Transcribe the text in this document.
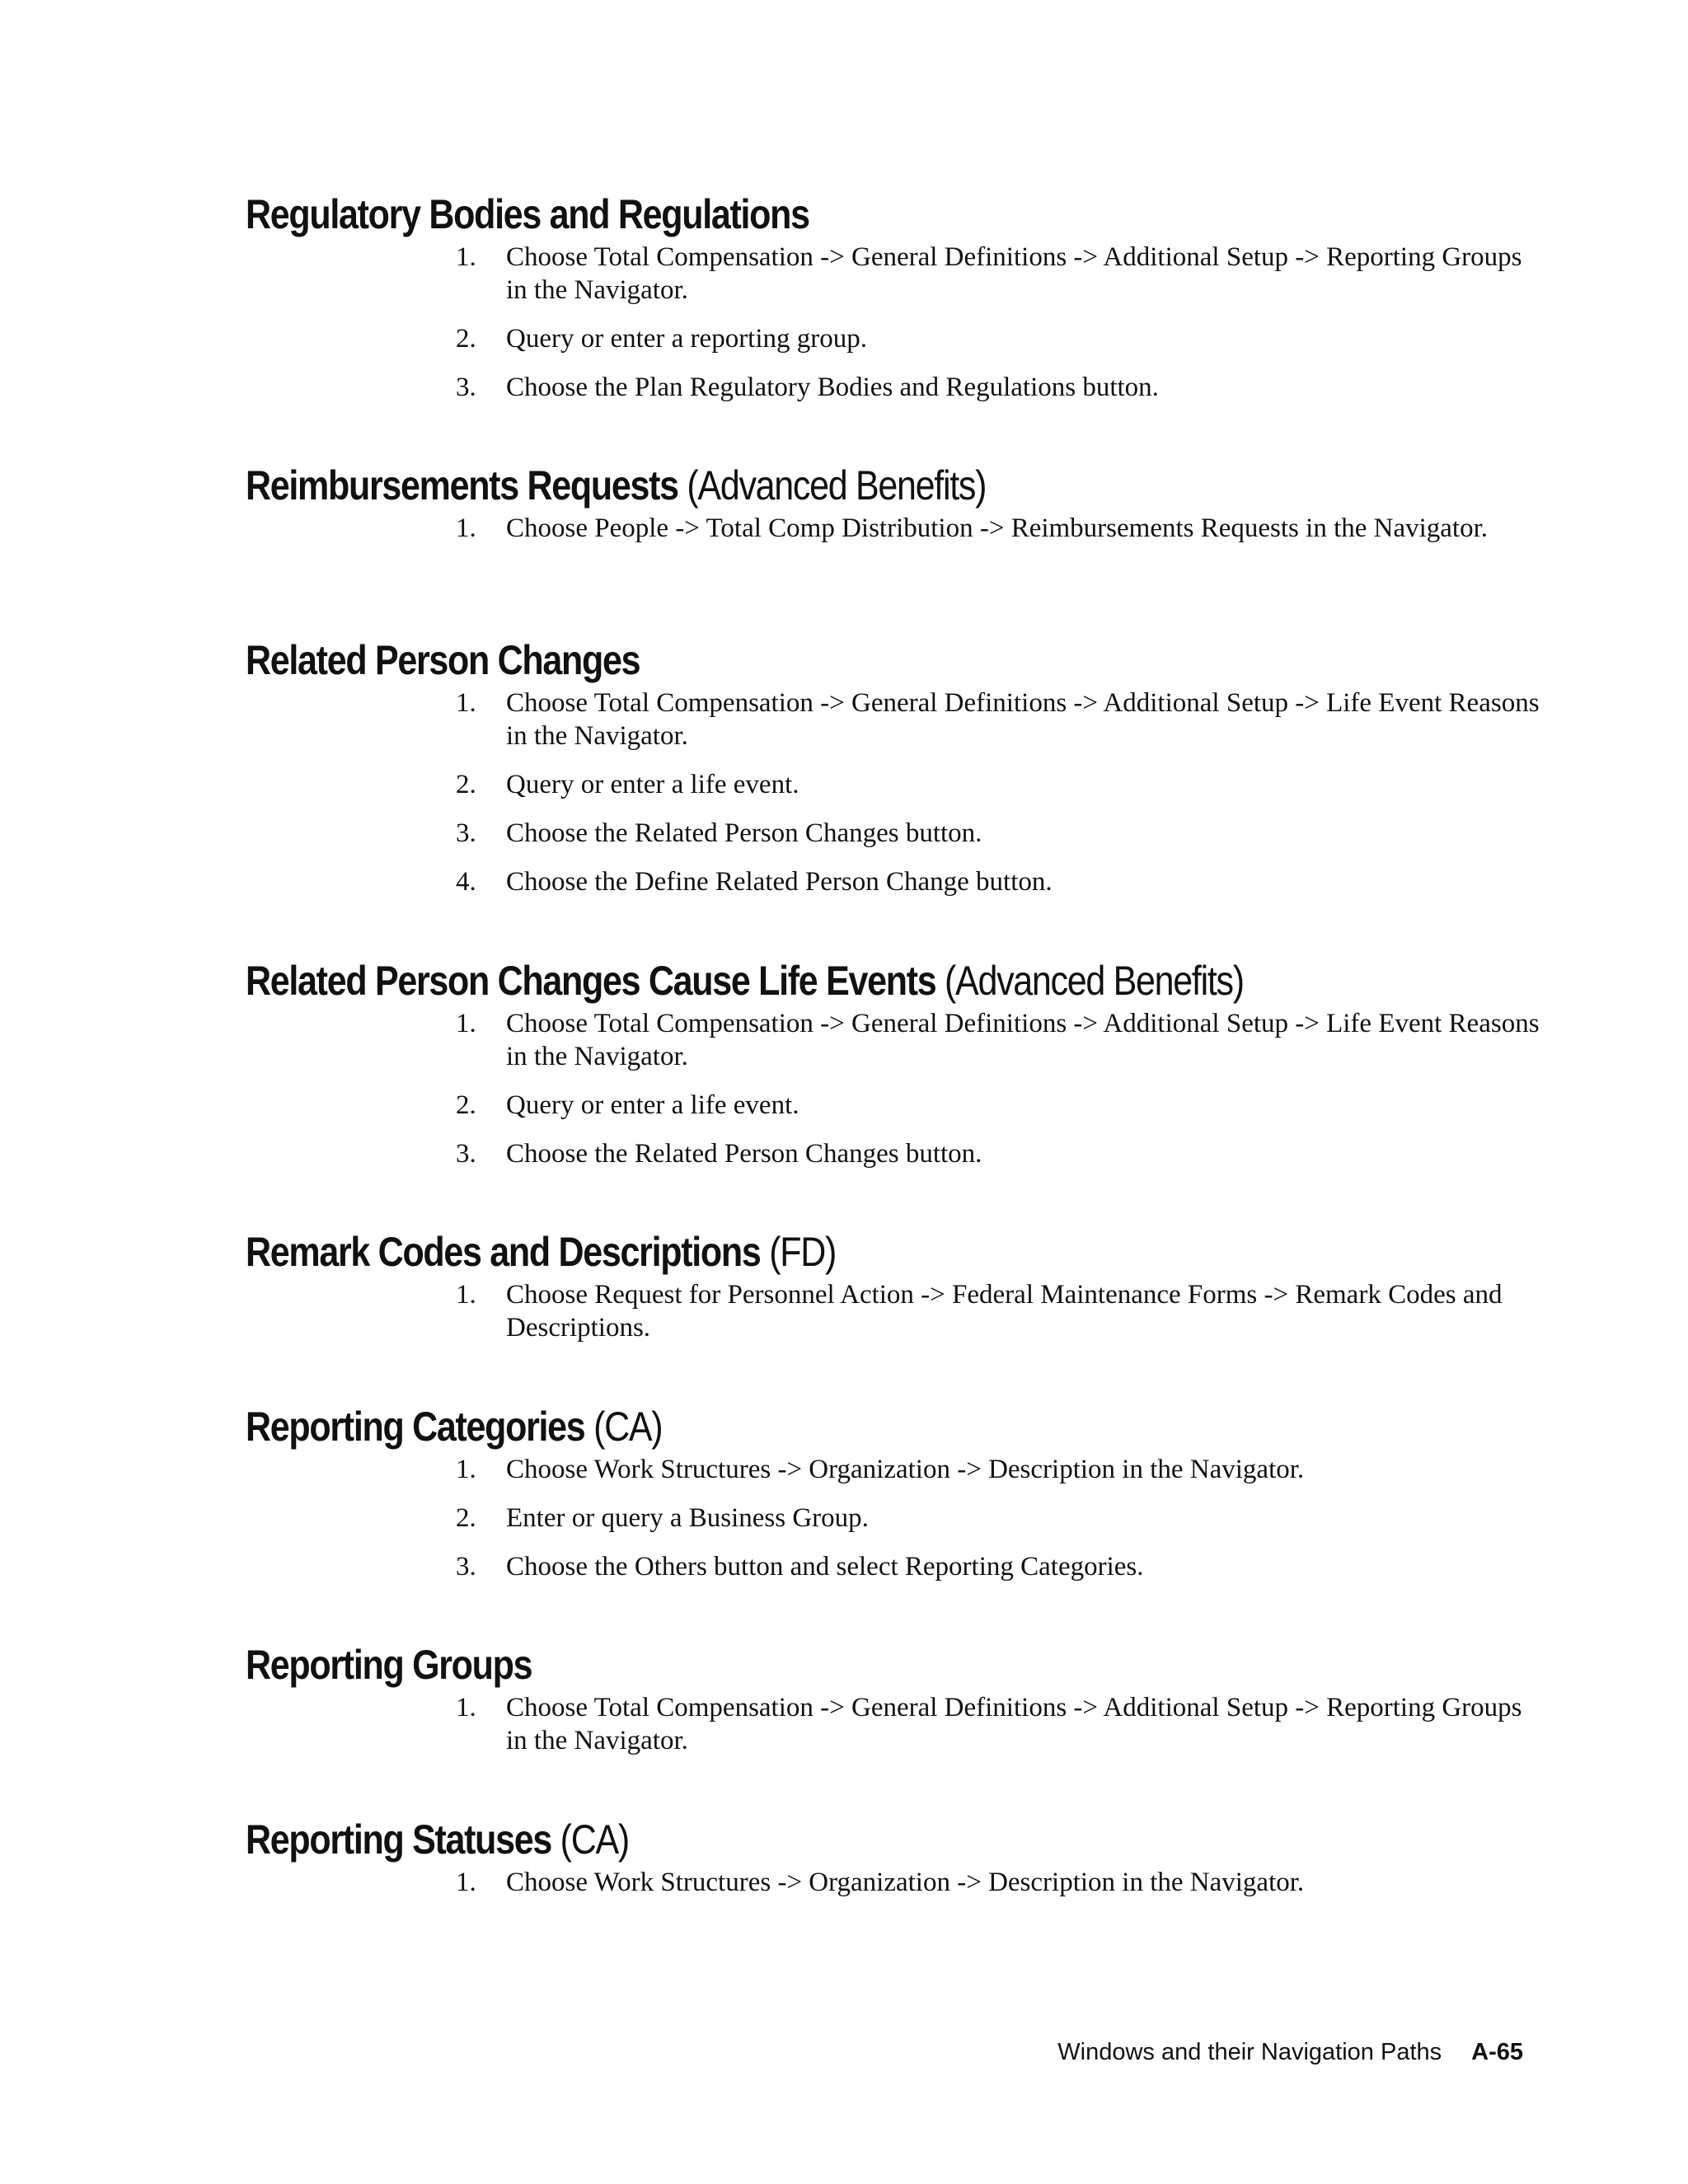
Regulatory Bodies and Regulations
1.	Choose Total Compensation -> General Definitions -> Additional Setup -> Reporting Groups in the Navigator.
2.	Query or enter a reporting group.
3.	Choose the Plan Regulatory Bodies and Regulations button.
Reimbursements Requests (Advanced Benefits)
1.	Choose People -> Total Comp Distribution -> Reimbursements Requests in the Navigator.
Related Person Changes
1.	Choose Total Compensation -> General Definitions -> Additional Setup -> Life Event Reasons in the Navigator.
2.	Query or enter a life event.
3.	Choose the Related Person Changes button.
4.	Choose the Define Related Person Change button.
Related Person Changes Cause Life Events (Advanced Benefits)
1.	Choose Total Compensation -> General Definitions -> Additional Setup -> Life Event Reasons in the Navigator.
2.	Query or enter a life event.
3.	Choose the Related Person Changes button.
Remark Codes and Descriptions (FD)
1.	Choose Request for Personnel Action -> Federal Maintenance Forms -> Remark Codes and Descriptions.
Reporting Categories (CA)
1.	Choose Work Structures -> Organization -> Description in the Navigator.
2.	Enter or query a Business Group.
3.	Choose the Others button and select Reporting Categories.
Reporting Groups
1.	Choose Total Compensation -> General Definitions -> Additional Setup -> Reporting Groups in the Navigator.
Reporting Statuses (CA)
1.	Choose Work Structures -> Organization -> Description in the Navigator.
Windows and their Navigation Paths A-65
